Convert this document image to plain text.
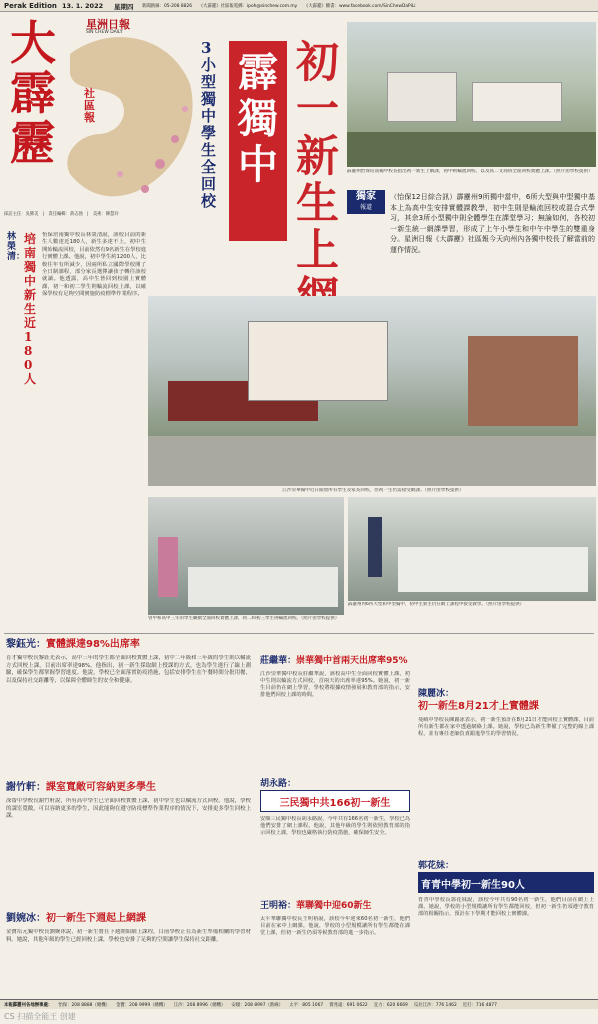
Perak Edition 13. 1. 2022 星期四 新聞熱線：05-208 8826　　《大霹靂》社區報電郵：ipoh@sinchew.com.my　　《大霹靂》臉書：www.facebook.com/SinChewDaPiLi
星洲日報
SIN CHEW DAILY
大霹靂
社區報
採訪主任：吳佛美　|　責任編輯：黃志強　|　美術：陳慧玲
霹獨中
3小型獨中學生全回校
初一新生上
霹靂州怡保培南獨中校長指出初一新生上網課，初中則輪流回校。以及高二文商班全面回校實體上課。（照片由學校提供）
獨家
報道
（怡保12日綜合訊）霹靂州9所獨中當中，6所大型與中型獨中基本上為高中生安排實體課教學，初中生則是輪流回校或混合式學习，其余3所小型獨中則全體學生在課堂學习；無論如何，各校初一新生統一網課學習，形成了上午小學生和中午中學生的雙重身分。星洲日報《大霹靂》社區報今天向州內各獨中校長了解當前的運作情況。
林榮清：
培南獨中新生近180人
怡保培南獨中校長林榮清說，該校目前的新生人數達近180人，新生多達不上，初中生開始輪流回校，目前依然有9名新生在學校進行實體上課。他說，初中學生約1200人，比較往年有所減少，因兩所私立國際學校開了全日制課程，部分家長選擇讓孩子轉往該校就讀。他透露，高中生皆回到校園上實體課，初一和初二學生則輪流回校上課，以確保學校有足夠空間實施防疫標準作業程序。
江沙崇華獨中近日開放所有學生及家長回校，但初一生仍需接受網課。（照片由學校提供）
曾中和高中三年的學生繼續全面回校實體上課，初二和初三學生則輪流回校。（照片由學校提供）
霹靂州內6所大型和中型獨中，初中生新生仍在網上課程中接受教學。（照片由學校提供）
黎鈺光：實體課達98%出席率
育才獨中校長黎鈺光表示，高中三年的學生都全面回校實體上課，初中二年級和三年級的學生則以輪流方式回校上課，目前出席率達98%。他指出，初一新生採取網上授課的方式，也為學生進行了線上測驗，確保學生都掌握學習進度。他說，學校已全面落實防疫措施，包括安排學生在午餐時間分批用餐，以及保持社交距離等，以保障全體師生的安全和健康。
謝竹軒：課室寬敞可容納更多學生
深齋中學校長謝竹軒說，所有高中學生已全面回校實體上課，初中學生也以輪流方式回校。他說，學校的課室寬敞，可以容納更多的學生，因此能夠在遵守防疫標準作業程序的情況下，安排更多學生回校上課。
劉婉冰：初一新生下週起上網課
金寶培元獨中校長劉婉冰說，初一新生將在下週開始網上課程，目前學校正在為新生準備相關的學習材料。她說，其他年級的學生已經回校上課，學校也安排了足夠的空間讓學生保持社交距離。
莊繼華：崇華獨中首兩天出席率95%
江沙崇華獨中校長莊繼華說，該校高中生全面回校實體上課，初中生則以輪流方式回校，首兩天的出席率達95%。她說，初一新生目前仍在網上學習，學校將根據疫情發展和教育部的指示，安排他們回校上課的時間。
胡永路：
三民獨中共166初一新生
安順三民獨中校長胡永路說，今年共有166名初一新生，學校已為他們安排了網上課程。他說，其他年級的學生則依照教育部的指示回校上課，學校也嚴格執行防疫措施，確保師生安全。
王明裕：華聯獨中迎60新生
太平華聯獨中校長王明裕說，該校今年迎來60名初一新生，他們目前在家中上網課。他說，學校的小型規模讓所有學生都能在課堂上課，但初一新生仍須等候教育部的進一步指示。
陳麗冰：
初一新生8月21才上實體課
曼絨中學校長陳麗冰表示，初一新生預計在8月21日才能回校上實體課，目前所有新生都在家中透過網絡上課。她說，學校已為新生準備了完整的線上課程，並有專任老師負責跟進學生的學習情況。
郭花妹：
育青中學初一新生90人
育青中學校長郭花妹說，該校今年共有90名初一新生，他們目前在網上上課。她說，學校的小型規模讓所有學生都能回校，但初一新生仍須遵守教育部的相關指示，預計在下學期才能回校上實體課。
本報霹靂州各地辦事處： 怡保：208 8888（總機） 金寶：208 9999（總機） 江沙：208 8996（總機） 安順：208 8997（熱線） 太平：805 1067 實兆遠：691 0622 宜力：620 6669 瓜拉江沙：776 1462 近打：716 4877
CS 扫描全能王 创建
